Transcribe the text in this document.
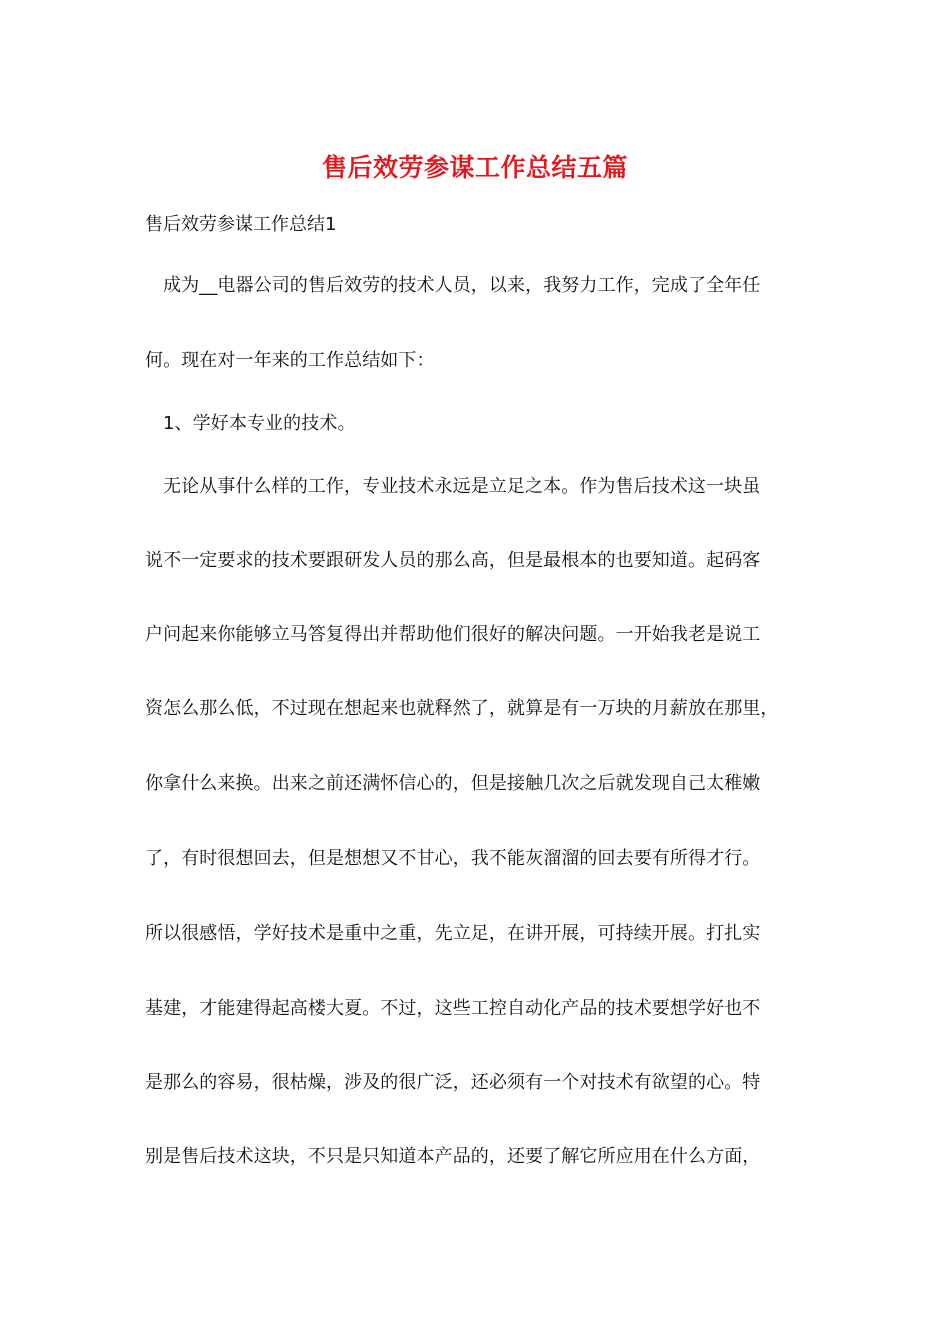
售后效劳参谋工作总结五篇
售后效劳参谋工作总结1
成为__电器公司的售后效劳的技术人员，以来，我努力工作，完成了全年任
何。现在对一年来的工作总结如下：
1、学好本专业的技术。
无论从事什么样的工作，专业技术永远是立足之本。作为售后技术这一块虽
说不一定要求的技术要跟研发人员的那么高，但是最根本的也要知道。起码客
户问起来你能够立马答复得出并帮助他们很好的解决问题。一开始我老是说工
资怎么那么低，不过现在想起来也就释然了，就算是有一万块的月薪放在那里，
你拿什么来换。出来之前还满怀信心的，但是接触几次之后就发现自己太稚嫩
了，有时很想回去，但是想想又不甘心，我不能灰溜溜的回去要有所得才行。
所以很感悟，学好技术是重中之重，先立足，在讲开展，可持续开展。打扎实
基建，才能建得起高楼大夏。不过，这些工控自动化产品的技术要想学好也不
是那么的容易，很枯燥，涉及的很广泛，还必须有一个对技术有欲望的心。特
别是售后技术这块，不只是只知道本产品的，还要了解它所应用在什么方面，
